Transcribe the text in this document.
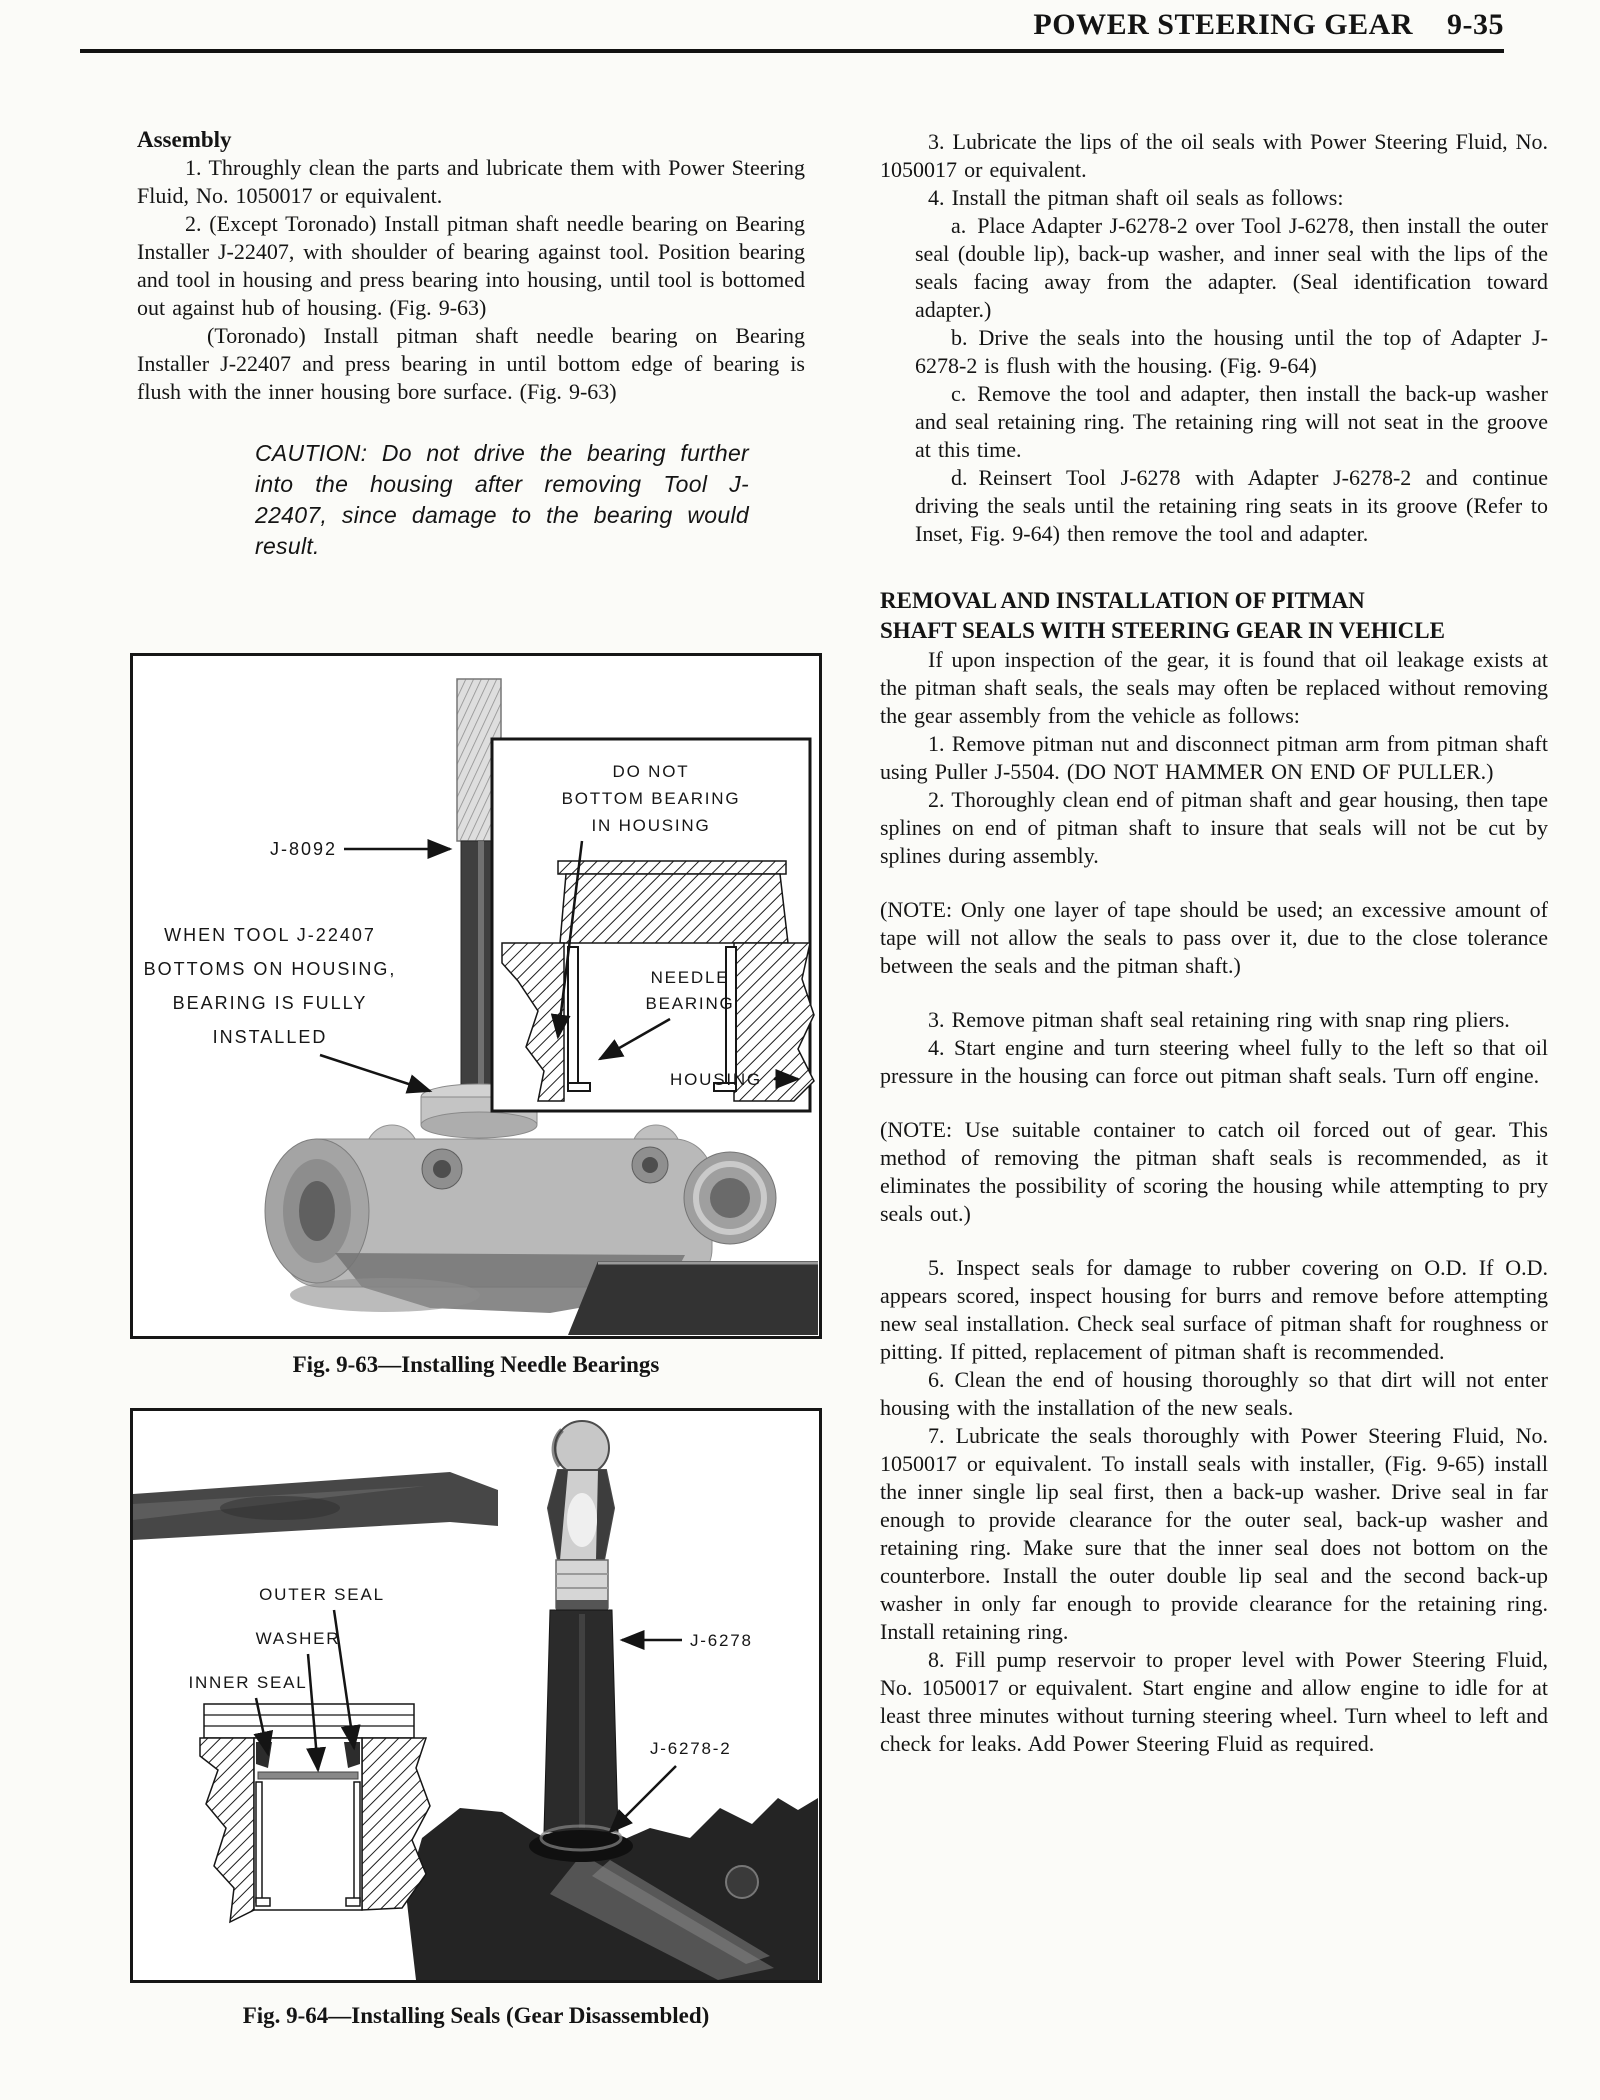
POWER STEERING GEAR 9-35
Assembly

1. Throughly clean the parts and lubricate them with Power Steering Fluid, No. 1050017 or equivalent.

2. (Except Toronado) Install pitman shaft needle bearing on Bearing Installer J-22407, with shoulder of bearing against tool. Position bearing and tool in housing and press bearing into housing, until tool is bottomed out against hub of housing. (Fig. 9-63)

(Toronado) Install pitman shaft needle bearing on Bearing Installer J-22407 and press bearing in until bottom edge of bearing is flush with the inner housing bore surface. (Fig. 9-63)

CAUTION: Do not drive the bearing further into the housing after removing Tool J-22407, since damage to the bearing would result.
J-8092
WHEN TOOL J-22407
BOTTOMS ON HOUSING,
BEARING IS FULLY
INSTALLED
DO NOT
BOTTOM BEARING
IN HOUSING
NEEDLE
BEARING
HOUSING
Fig. 9-63—Installing Needle Bearings
OUTER SEAL
WASHER
INNER SEAL
J-6278
J-6278-2
Fig. 9-64—Installing Seals (Gear Disassembled)

3. Lubricate the lips of the oil seals with Power Steering Fluid, No. 1050017 or equivalent.

4. Install the pitman shaft oil seals as follows:

a. Place Adapter J-6278-2 over Tool J-6278, then install the outer seal (double lip), back-up washer, and inner seal with the lips of the seals facing away from the adapter. (Seal identification toward adapter.)

b. Drive the seals into the housing until the top of Adapter J-6278-2 is flush with the housing. (Fig. 9-64)

c. Remove the tool and adapter, then install the back-up washer and seal retaining ring. The retaining ring will not seat in the groove at this time.

d. Reinsert Tool J-6278 with Adapter J-6278-2 and continue driving the seals until the retaining ring seats in its groove (Refer to Inset, Fig. 9-64) then remove the tool and adapter.

REMOVAL AND INSTALLATION OF PITMAN
SHAFT SEALS WITH STEERING GEAR IN VEHICLE

If upon inspection of the gear, it is found that oil leakage exists at the pitman shaft seals, the seals may often be replaced without removing the gear assembly from the vehicle as follows:

1. Remove pitman nut and disconnect pitman arm from pitman shaft using Puller J-5504. (DO NOT HAMMER ON END OF PULLER.)

2. Thoroughly clean end of pitman shaft and gear housing, then tape splines on end of pitman shaft to insure that seals will not be cut by splines during assembly.

(NOTE: Only one layer of tape should be used; an excessive amount of tape will not allow the seals to pass over it, due to the close tolerance between the seals and the pitman shaft.)

3. Remove pitman shaft seal retaining ring with snap ring pliers.

4. Start engine and turn steering wheel fully to the left so that oil pressure in the housing can force out pitman shaft seals. Turn off engine.

(NOTE: Use suitable container to catch oil forced out of gear. This method of removing the pitman shaft seals is recommended, as it eliminates the possibility of scoring the housing while attempting to pry seals out.)

5. Inspect seals for damage to rubber covering on O.D. If O.D. appears scored, inspect housing for burrs and remove before attempting new seal installation. Check seal surface of pitman shaft for roughness or pitting. If pitted, replacement of pitman shaft is recommended.

6. Clean the end of housing thoroughly so that dirt will not enter housing with the installation of the new seals.

7. Lubricate the seals thoroughly with Power Steering Fluid, No. 1050017 or equivalent. To install seals with installer, (Fig. 9-65) install the inner single lip seal first, then a back-up washer. Drive seal in far enough to provide clearance for the outer seal, back-up washer and retaining ring. Make sure that the inner seal does not bottom on the counterbore. Install the outer double lip seal and the second back-up washer in only far enough to provide clearance for the retaining ring. Install retaining ring.

8. Fill pump reservoir to proper level with Power Steering Fluid, No. 1050017 or equivalent. Start engine and allow engine to idle for at least three minutes without turning steering wheel. Turn wheel to left and check for leaks. Add Power Steering Fluid as required.
